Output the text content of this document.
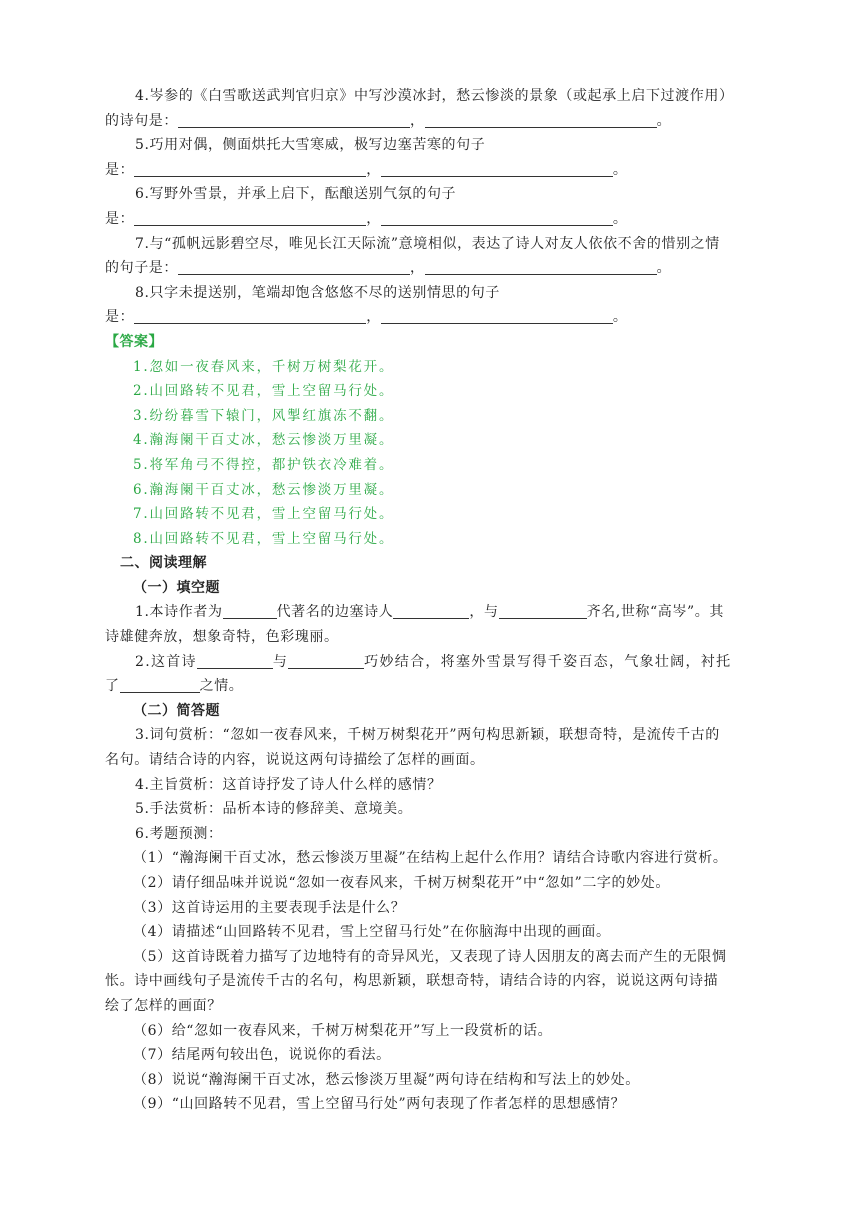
4.岑参的《白雪歌送武判官归京》中写沙漠冰封，愁云惨淡的景象（或起承上启下过渡作用）
的诗句是：	，	。
5.巧用对偶，侧面烘托大雪寒威，极写边塞苦寒的句子
是：	，	。
6.写野外雪景，并承上启下，酝酿送别气氛的句子
是：	，	。
7.与“孤帆远影碧空尽，唯见长江天际流”意境相似，表达了诗人对友人依依不舍的惜别之情
的句子是：	，	。
8.只字未提送别，笔端却饱含悠悠不尽的送别情思的句子
是：	，	。
【答案】
1.忽如一夜春风来，千树万树梨花开。
2.山回路转不见君，雪上空留马行处。
3.纷纷暮雪下辕门，风掣红旗冻不翻。
4.瀚海阑干百丈冰，愁云惨淡万里凝。
5.将军角弓不得控，都护铁衣冷难着。
6.瀚海阑干百丈冰，愁云惨淡万里凝。
7.山回路转不见君，雪上空留马行处。
8.山回路转不见君，雪上空留马行处。
二、阅读理解
（一）填空题
1.本诗作者为	代著名的边塞诗人	，与	齐名,世称“高岑”。其
诗雄健奔放，想象奇特，色彩瑰丽。
2.这首诗	与	巧妙结合，将塞外雪景写得千姿百态，气象壮阔，衬托
了	之情。
（二）简答题
3.词句赏析：“忽如一夜春风来，千树万树梨花开”两句构思新颖，联想奇特，是流传千古的
名句。请结合诗的内容，说说这两句诗描绘了怎样的画面。
4.主旨赏析：这首诗抒发了诗人什么样的感情？
5.手法赏析：品析本诗的修辞美、意境美。
6.考题预测：
（1）“瀚海阑干百丈冰，愁云惨淡万里凝”在结构上起什么作用？请结合诗歌内容进行赏析。
（2）请仔细品味并说说“忽如一夜春风来，千树万树梨花开”中“忽如”二字的妙处。
（3）这首诗运用的主要表现手法是什么？
（4）请描述“山回路转不见君，雪上空留马行处”在你脑海中出现的画面。
（5）这首诗既着力描写了边地特有的奇异风光，又表现了诗人因朋友的离去而产生的无限惆
怅。诗中画线句子是流传千古的名句，构思新颖，联想奇特，请结合诗的内容，说说这两句诗描
绘了怎样的画面？
（6）给“忽如一夜春风来，千树万树梨花开”写上一段赏析的话。
（7）结尾两句较出色，说说你的看法。
（8）说说“瀚海阑干百丈冰，愁云惨淡万里凝”两句诗在结构和写法上的妙处。
（9）“山回路转不见君，雪上空留马行处”两句表现了作者怎样的思想感情？
